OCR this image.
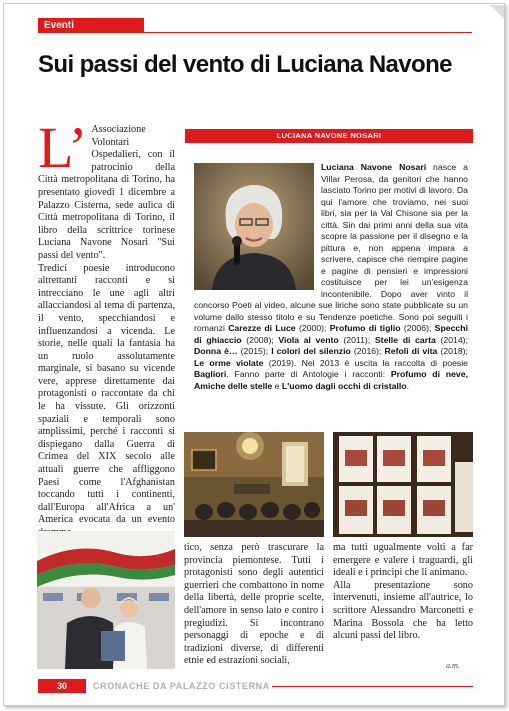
Eventi
Sui passi del vento di Luciana Navone
L’ Associazione Volontari Ospedalieri, con il patrocinio della Città metropolitana di Torino, ha presentato giovedì 1 dicembre a Palazzo Cisterna, sede aulica di Città metropolitana di Torino, il libro della scrittrice torinese Luciana Navone Nosari "Sui passi del vento".

Tredici poesie introducono altrettanti racconti e si intrecciano le une agli altri allacciandosi al tema di partenza, il vento, specchiandosi e influenzandosi a vicenda. Le storie, nelle quali la fantasia ha un ruolo assolutamente marginale, si basano su vicende vere, apprese direttamente dai protagonisti o raccontate da chi le ha vissute. Gli orizzonti spaziali e temporali sono amplissimi, perché i racconti si dispiegano dalla Guerra di Crimea del XIX secolo alle attuali guerre che affliggono Paesi come l'Afghanistan toccando tutti i continenti, dall'Europa all'Africa a un' America evocata da un evento

LUCIANA NAVONE NOSARI
Luciana Navone Nosari nasce a Villar Perosa, da genitori che hanno lasciato Torino per motivi di lavoro. Da qui l'amore che troviamo, nei suoi libri, sia per la Val Chisone sia per la città. Sin dai primi anni della sua vita scopre la passione per il disegno e la pittura e, non appena impara a scrivere, capisce che riempire pagine e pagine di pensieri e impressioni costituisce per lei un'esigenza incontenibile. Dopo aver vinto il concorso Poeti al video, alcune sue liriche sono state pubblicate su un volume dallo stesso titolo e su Tendenze poetiche. Sono poi seguiti i romanzi Carezze di Luce (2000); Profumo di tiglio (2006); Specchi di ghiaccio (2008); Viola al vento (2011); Stelle di carta (2014); Donna è… (2015); I colori del silenzio (2016); Refoli di vita (2018); Le orme violate (2019). Nel 2013 è uscita la raccolta di poesie Bagliori. Fanno parte di Antologie i racconti: Profumo di neve, Amiche delle stelle e L'uomo dagli occhi di cristallo.

tico, senza però trascurare la provincia piemontese. Tutti i protagonisti sono degli autentici guerrieri che combattono in nome della libertà, delle proprie scelte, dell'amore in senso lato e contro i pregiudizi. Si incontrano personaggi di epoche e di tradizioni diverse, di differenti etnie ed estrazioni sociali,

ma tutti ugualmente volti a far emergere e valere i traguardi, gli ideali e i principi che li animano.

Alla presentazione sono intervenuti, insieme all'autrice, lo scrittore Alessandro Marconetti e Marina Bossola che ha letto alcuni passi del libro.

a.m.
30	CRONACHE DA PALAZZO CISTERNA
